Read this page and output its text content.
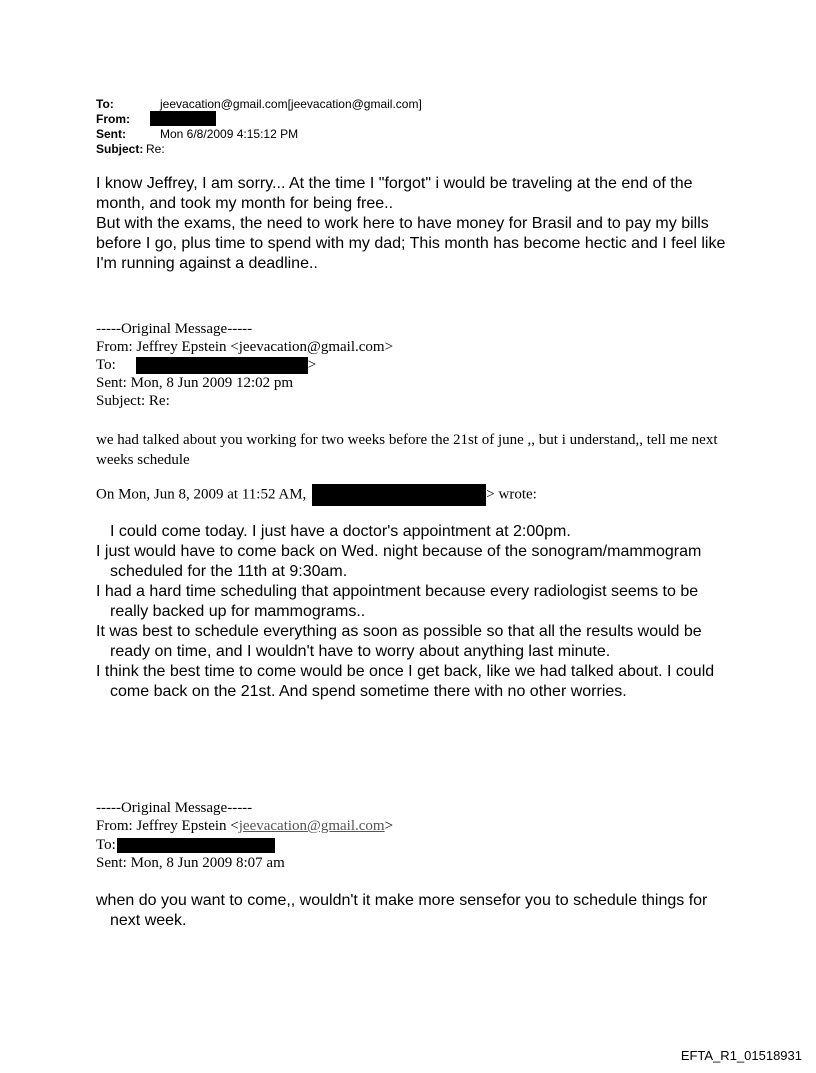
To:	jeevacation@gmail.com[jeevacation@gmail.com]
From:
Sent:	Mon 6/8/2009 4:15:12 PM
Subject: Re:

I know Jeffrey, I am sorry... At the time I "forgot" i would be traveling at the end of the month, and took my month for being free..

But with the exams, the need to work here to have money for Brasil and to pay my bills before I go, plus time to spend with my dad; This month has become hectic and I feel like I'm running against a deadline..

-----Original Message-----
From: Jeffrey Epstein <jeevacation@gmail.com>
To:	>
Sent: Mon, 8 Jun 2009 12:02 pm
Subject: Re:
we had talked about you working for two weeks before the 21st of june ,, but i understand,, tell me next weeks schedule
On Mon, Jun 8, 2009 at 11:52 AM,	> wrote:

I could come today. I just have a doctor's appointment at 2:00pm.

I just would have to come back on Wed. night because of the sonogram/mammogram scheduled for the 11th at 9:30am.

I had a hard time scheduling that appointment because every radiologist seems to be really backed up for mammograms..

It was best to schedule everything as soon as possible so that all the results would be ready on time, and I wouldn't have to worry about anything last minute.

I think the best time to come would be once I get back, like we had talked about. I could come back on the 21st. And spend sometime there with no other worries.

-----Original Message-----
From: Jeffrey Epstein <jeevacation@gmail.com>
To:
Sent: Mon, 8 Jun 2009 8:07 am

when do you want to come,, wouldn't it make more sensefor you to schedule things for next week.

EFTA_R1_01518931
